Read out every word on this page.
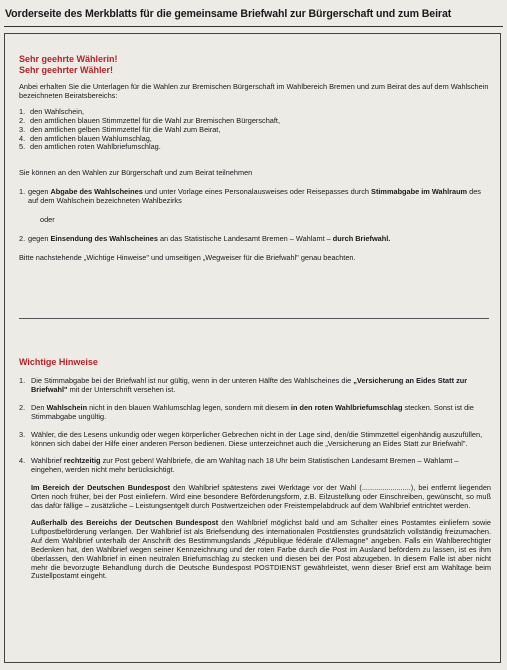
Vorderseite des Merkblatts für die gemeinsame Briefwahl zur Bürgerschaft und zum Beirat
Sehr geehrte Wählerin!
Sehr geehrter Wähler!

Anbei erhalten Sie die Unterlagen für die Wahlen zur Bremischen Bürgerschaft im Wahlbereich Bremen und zum Beirat des auf dem Wahlschein bezeichneten Beiratsbereichs:

1. den Wahlschein,
2. den amtlichen blauen Stimmzettel für die Wahl zur Bremischen Bürgerschaft,
3. den amtlichen gelben Stimmzettel für die Wahl zum Beirat,
4. den amtlichen blauen Wahlumschlag,
5. den amtlichen roten Wahlbriefumschlag.

Sie können an den Wahlen zur Bürgerschaft und zum Beirat teilnehmen

1. gegen Abgabe des Wahlscheines und unter Vorlage eines Personalausweises oder Reisepasses durch Stimmabgabe im Wahlraum des auf dem Wahlschein bezeichneten Wahlbezirks
oder
2. gegen Einsendung des Wahlscheines an das Statistische Landesamt Bremen – Wahlamt – durch Briefwahl.

Bitte nachstehende „Wichtige Hinweise" und umseitigen „Wegweiser für die Briefwahl" genau beachten.

Wichtige Hinweise
1. Die Stimmabgabe bei der Briefwahl ist nur gültig, wenn in der unteren Hälfte des Wahlscheines die „Versicherung an Eides Statt zur Briefwahl" mit der Unterschrift versehen ist.
2. Den Wahlschein nicht in den blauen Wahlumschlag legen, sondern mit diesem in den roten Wahlbriefumschlag stecken. Sonst ist die Stimmabgabe ungültig.
3. Wähler, die des Lesens unkundig oder wegen körperlicher Gebrechen nicht in der Lage sind, den/die Stimmzettel eigenhändig auszufüllen, können sich dabei der Hilfe einer anderen Person bedienen. Diese unterzeichnet auch die „Versicherung an Eides Statt zur Briefwahl".
4. Wahlbrief rechtzeitig zur Post geben! Wahlbriefe, die am Wahltag nach 18 Uhr beim Statistischen Landesamt Bremen – Wahlamt – eingehen, werden nicht mehr berücksichtigt.
Im Bereich der Deutschen Bundespost den Wahlbrief spätestens zwei Werktage vor der Wahl (........................), bei entfernt liegenden Orten noch früher, bei der Post einliefern. Wird eine besondere Beförderungsform, z.B. Eilzustellung oder Einschreiben, gewünscht, so muß das dafür fällige – zusätzliche – Leistungsentgelt durch Postwertzeichen oder Freistempelabdruck auf dem Wahlbrief entrichtet werden.
Außerhalb des Bereichs der Deutschen Bundespost den Wahlbrief möglichst bald und am Schalter eines Postamtes einliefern sowie Luftpostbeförderung verlangen. Der Wahlbrief ist als Briefsendung des internationalen Postdienstes grundsätzlich vollständig freizumachen. Auf dem Wahlbrief unterhalb der Anschrift des Bestimmungslands „République fédérale d'Allemagne" angeben. Falls ein Wahlberechtigter Bedenken hat, den Wahlbrief wegen seiner Kennzeichnung und der roten Farbe durch die Post im Ausland befördern zu lassen, ist es ihm überlassen, den Wahlbrief in einen neutralen Briefumschlag zu stecken und diesen bei der Post abzugeben. In diesem Falle ist aber nicht mehr die bevorzugte Behandlung durch die Deutsche Bundespost POSTDIENST gewährleistet, wenn dieser Brief erst am Wahltage beim Zustellpostamt eingeht.
